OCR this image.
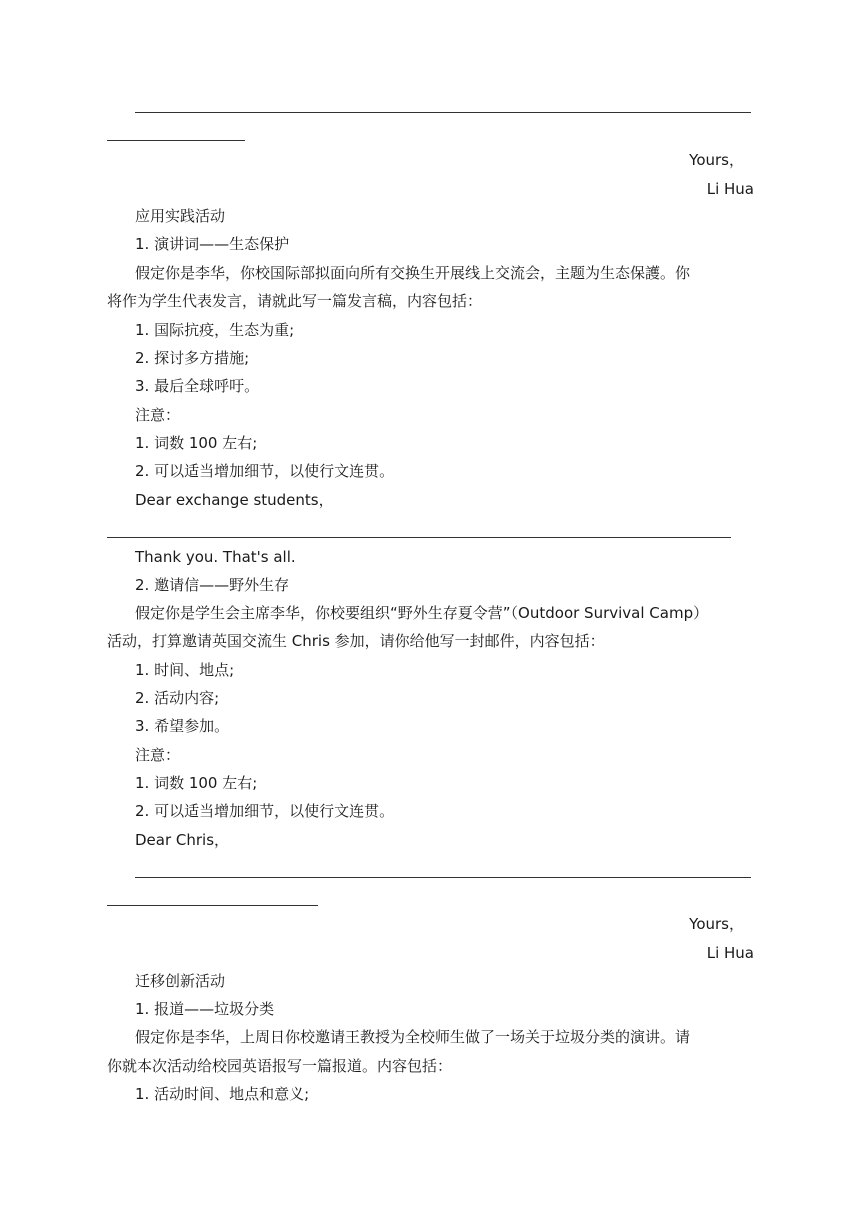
Yours，
Li Hua
应用实践活动
1. 演讲词——生态保护
假定你是李华，你校国际部拟面向所有交换生开展线上交流会，主题为生态保護。你
将作为学生代表发言，请就此写一篇发言稿，内容包括：
1. 国际抗疫，生态为重;
2. 探讨多方措施;
3. 最后全球呼吁。
注意：
1. 词数 100 左右;
2. 可以适当增加细节，以使行文连贯。
Dear exchange students，
Thank you. That's all.
2. 邀请信——野外生存
假定你是学生会主席李华，你校要组织“野外生存夏令营”（Outdoor Survival Camp）
活动，打算邀请英国交流生 Chris 参加，请你给他写一封邮件，内容包括：
1. 时间、地点;
2. 活动内容;
3. 希望参加。
注意：
1. 词数 100 左右;
2. 可以适当增加细节，以使行文连贯。
Dear Chris，
Yours，
Li Hua
迁移创新活动
1. 报道——垃圾分类
假定你是李华，上周日你校邀请王教授为全校师生做了一场关于垃圾分类的演讲。请
你就本次活动给校园英语报写一篇报道。内容包括：
1. 活动时间、地点和意义;
